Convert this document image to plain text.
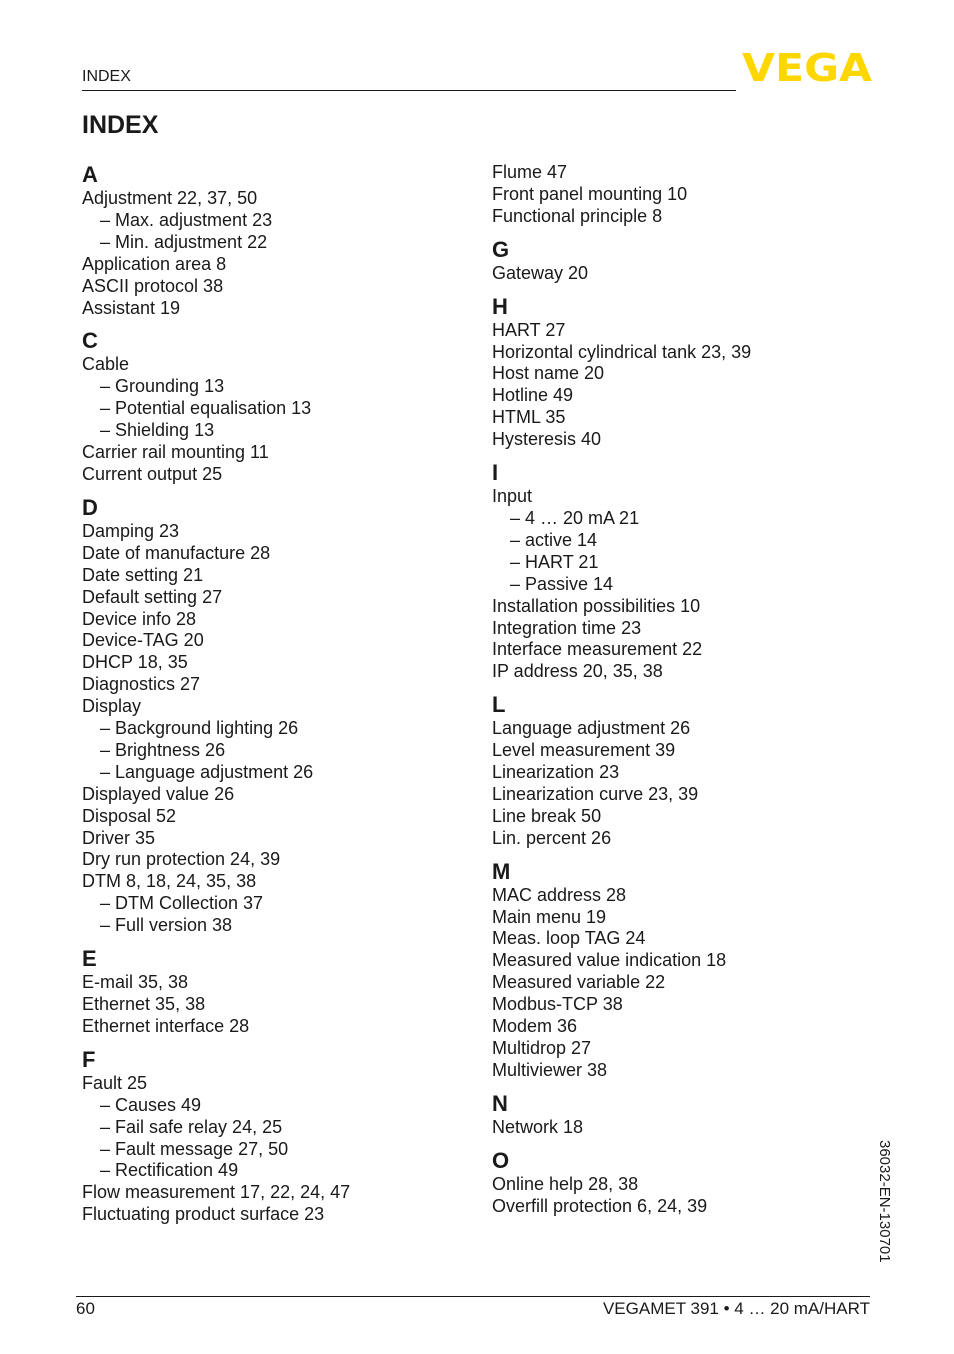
INDEX	VEGA
INDEX
A
Adjustment 22, 37, 50
– Max. adjustment 23
– Min. adjustment 22
Application area 8
ASCII protocol 38
Assistant 19
C
Cable
– Grounding 13
– Potential equalisation 13
– Shielding 13
Carrier rail mounting 11
Current output 25
D
Damping 23
Date of manufacture 28
Date setting 21
Default setting 27
Device info 28
Device-TAG 20
DHCP 18, 35
Diagnostics 27
Display
– Background lighting 26
– Brightness 26
– Language adjustment 26
Displayed value 26
Disposal 52
Driver 35
Dry run protection 24, 39
DTM 8, 18, 24, 35, 38
– DTM Collection 37
– Full version 38
E
E-mail 35, 38
Ethernet 35, 38
Ethernet interface 28
F
Fault 25
– Causes 49
– Fail safe relay 24, 25
– Fault message 27, 50
– Rectification 49
Flow measurement 17, 22, 24, 47
Fluctuating product surface 23
Flume 47
Front panel mounting 10
Functional principle 8
G
Gateway 20
H
HART 27
Horizontal cylindrical tank 23, 39
Host name 20
Hotline 49
HTML 35
Hysteresis 40
I
Input
– 4 … 20 mA 21
– active 14
– HART 21
– Passive 14
Installation possibilities 10
Integration time 23
Interface measurement 22
IP address 20, 35, 38
L
Language adjustment 26
Level measurement 39
Linearization 23
Linearization curve 23, 39
Line break 50
Lin. percent 26
M
MAC address 28
Main menu 19
Meas. loop TAG 24
Measured value indication 18
Measured variable 22
Modbus-TCP 38
Modem 36
Multidrop 27
Multiviewer 38
N
Network 18
O
Online help 28, 38
Overfill protection 6, 24, 39	36032-EN-130701
60	VEGAMET 391 • 4 … 20 mA/HART
